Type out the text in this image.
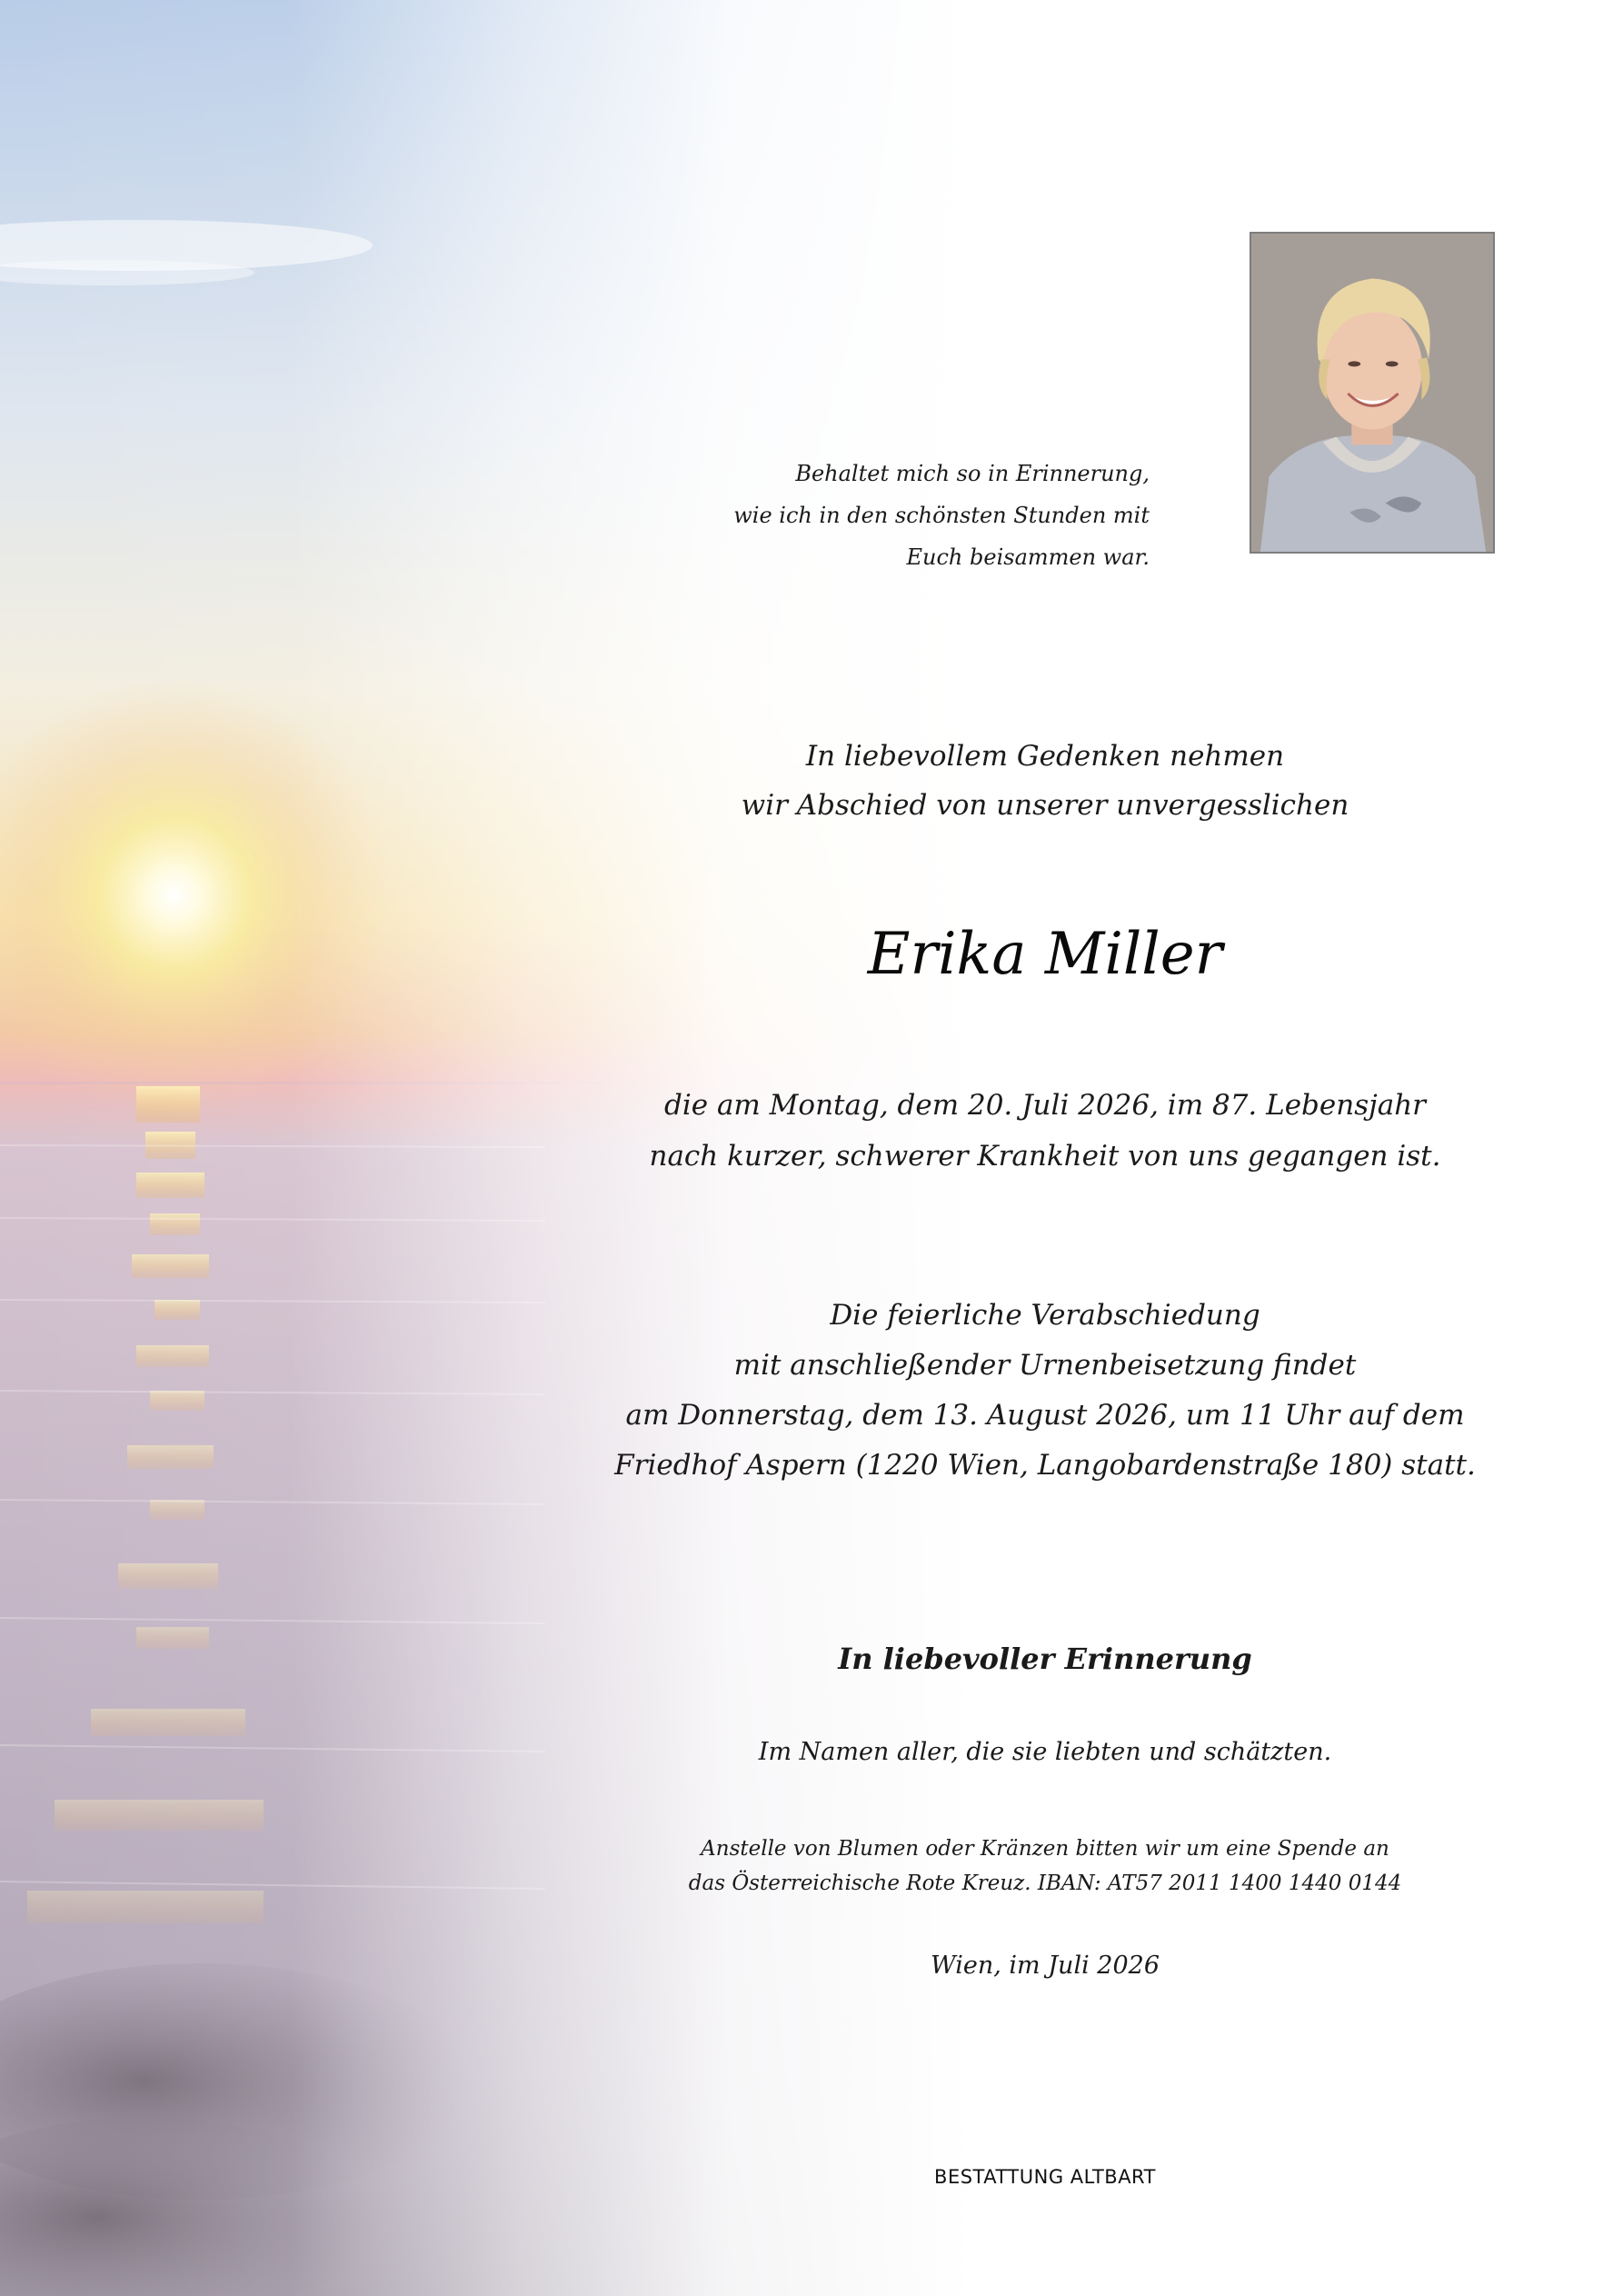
Behaltet mich so in Erinnerung,
wie ich in den schönsten Stunden mit
Euch beisammen war.
In liebevollem Gedenken nehmen
wir Abschied von unserer unvergesslichen
Erika Miller
die am Montag, dem 20. Juli 2026, im 87. Lebensjahr
nach kurzer, schwerer Krankheit von uns gegangen ist.
Die feierliche Verabschiedung
mit anschließender Urnenbeisetzung findet
am Donnerstag, dem 13. August 2026, um 11 Uhr auf dem
Friedhof Aspern (1220 Wien, Langobardenstraße 180) statt.
In liebevoller Erinnerung
Im Namen aller, die sie liebten und schätzten.
Anstelle von Blumen oder Kränzen bitten wir um eine Spende an
das Österreichische Rote Kreuz. IBAN: AT57 2011 1400 1440 0144
Wien, im Juli 2026
BESTATTUNG ALTBART
